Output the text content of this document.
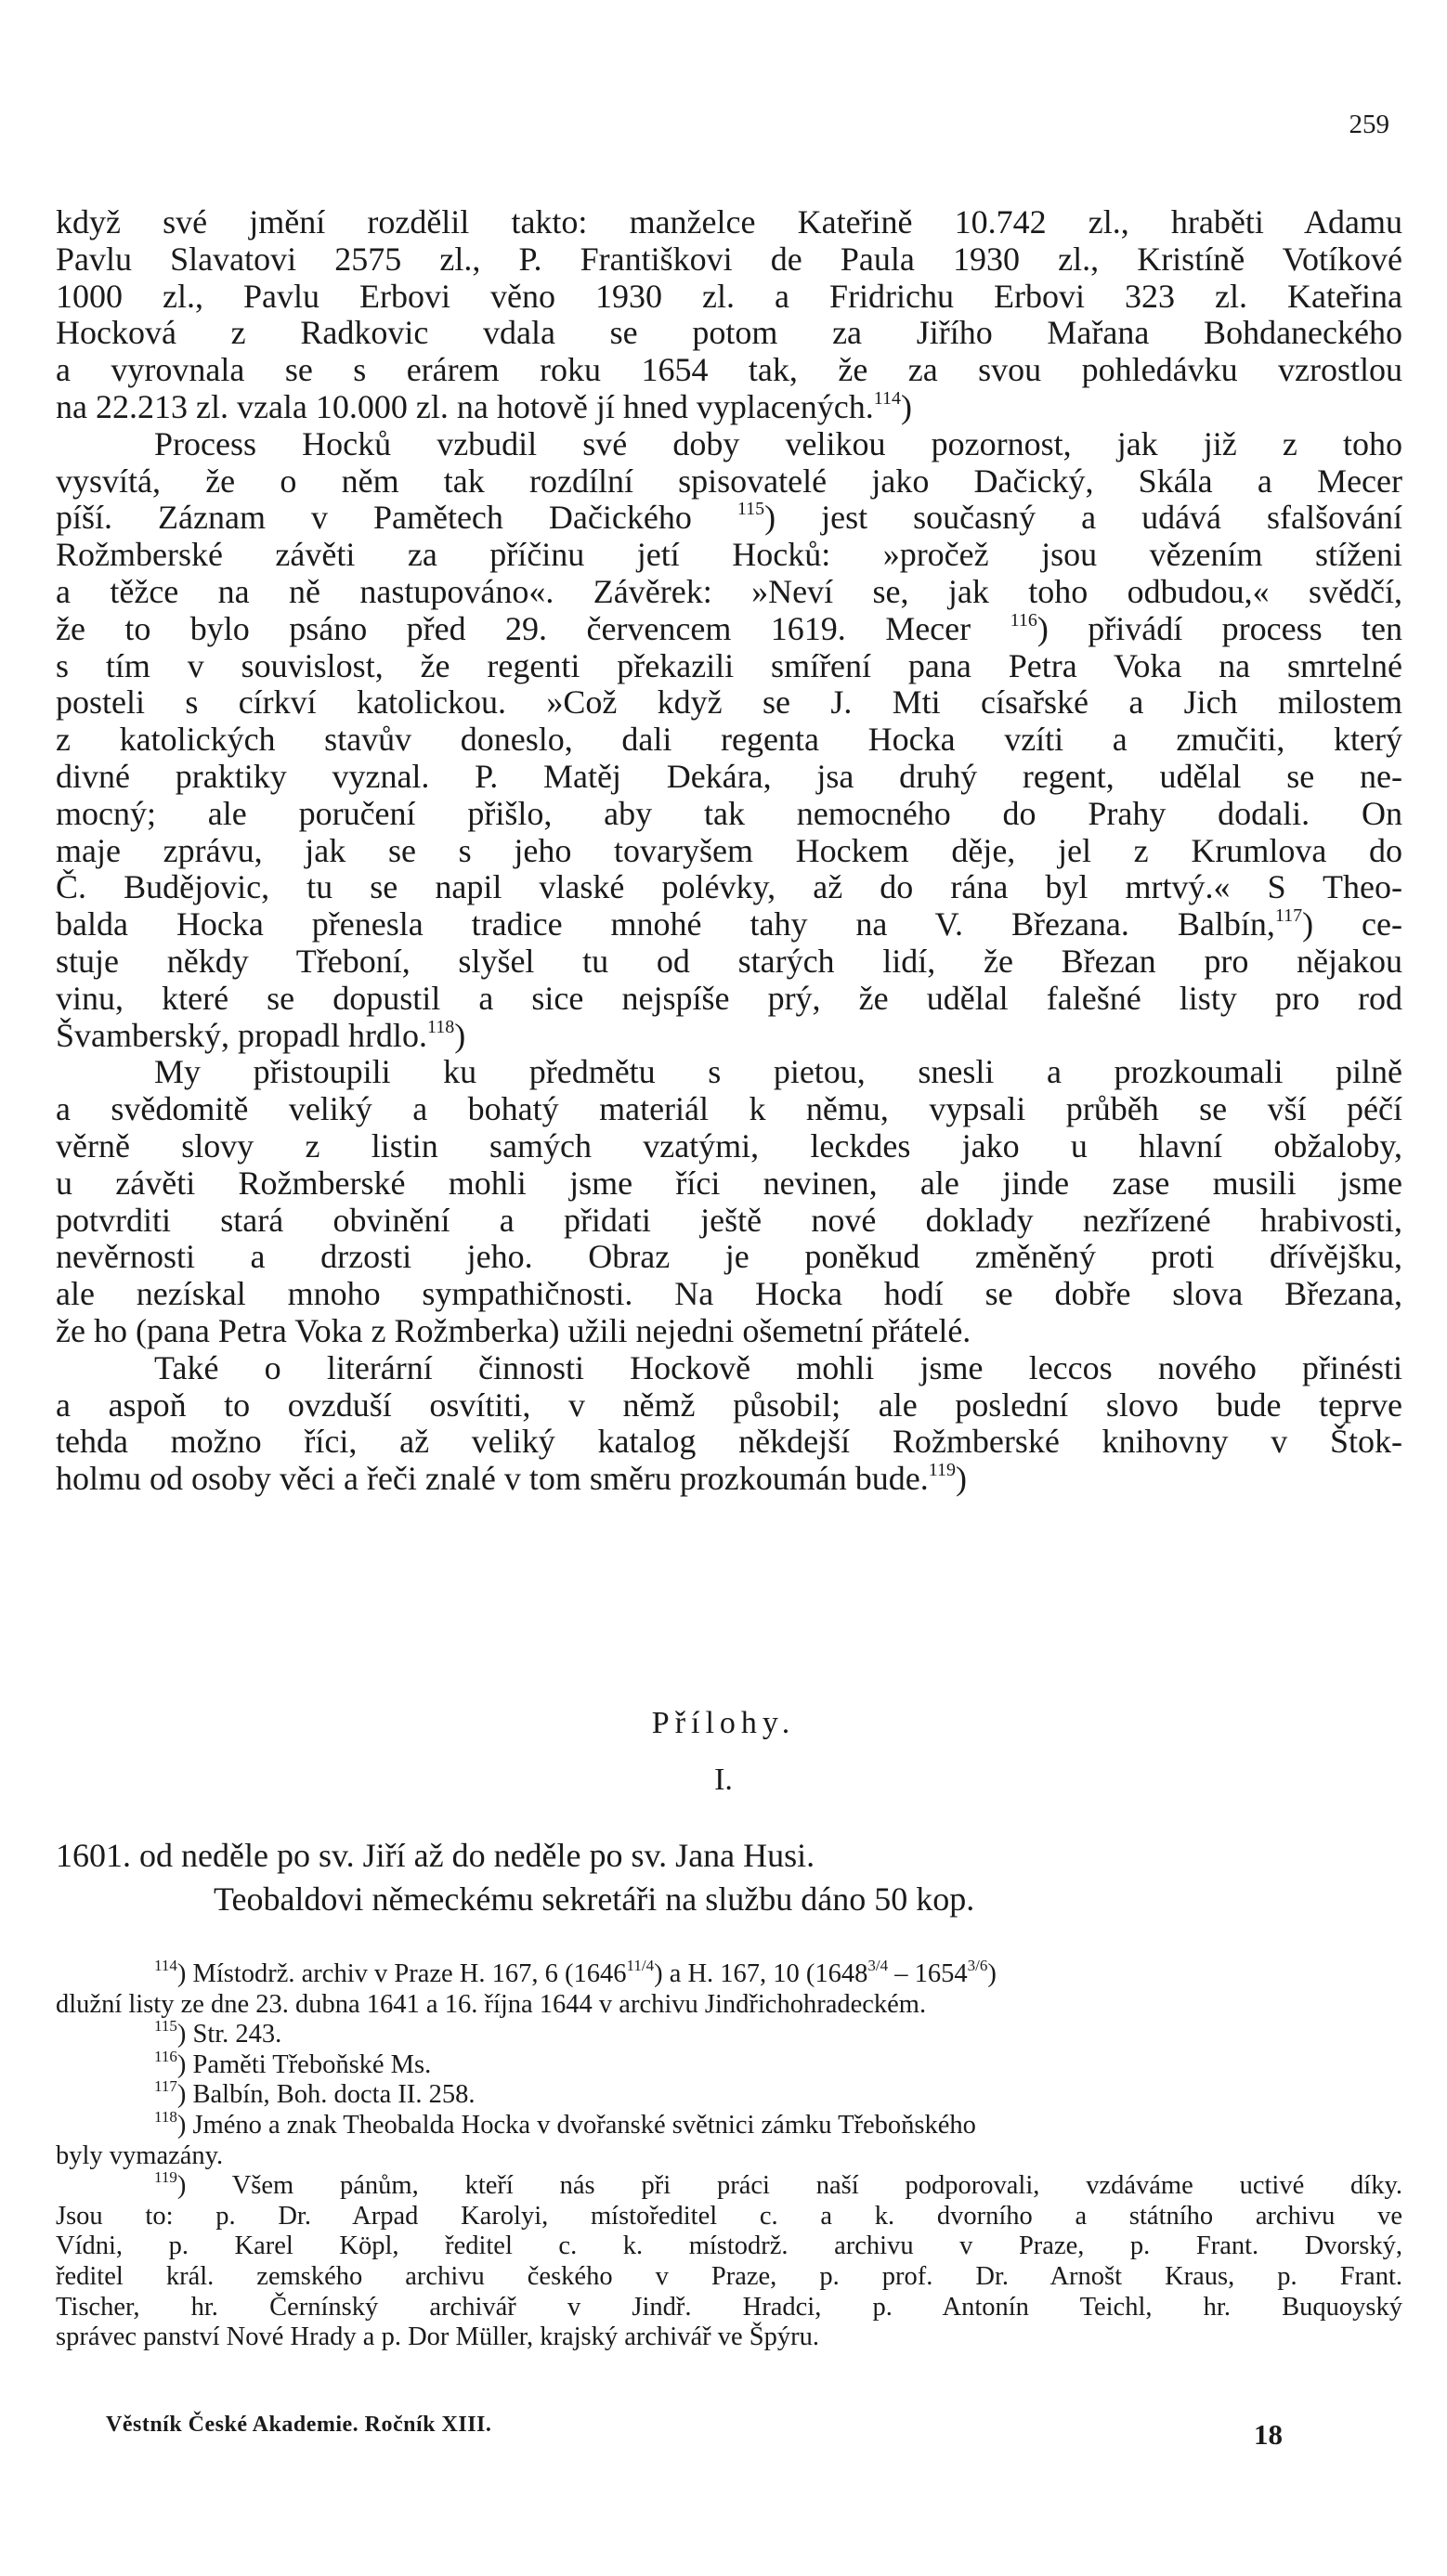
259

když své jmění rozdělil takto: manželce Kateřině 10.742 zl., hraběti Adamu
Pavlu Slavatovi 2575 zl., P. Františkovi de Paula 1930 zl., Kristíně Votíkové
1000 zl., Pavlu Erbovi věno 1930 zl. a Fridrichu Erbovi 323 zl. Kateřina
Hocková z Radkovic vdala se potom za Jiřího Mařana Bohdaneckého
a vyrovnala se s erárem roku 1654 tak, že za svou pohledávku vzrostlou
na 22.213 zl. vzala 10.000 zl. na hotově jí hned vyplacených.$^{114}$)

Process Hocků vzbudil své doby velikou pozornost, jak již z toho
vysvítá, že o něm tak rozdílní spisovatelé jako Dačický, Skála a Mecer
píší. Záznam v Pamětech Dačického $^{115}$) jest současný a udává sfalšování
Rožmberské závěti za příčinu jetí Hocků: »pročež jsou vězením stíženi
a těžce na ně nastupováno«. Závěrek: »Neví se, jak toho odbudou,« svědčí,
že to bylo psáno před 29. červencem 1619. Mecer $^{116}$) přivádí process ten
s tím v souvislost, že regenti překazili smíření pana Petra Voka na smrtelné
posteli s církví katolickou. »Což když se J. Mti císařské a Jich milostem
z katolických stavův doneslo, dali regenta Hocka vzíti a zmučiti, který
divné praktiky vyznal. P. Matěj Dekára, jsa druhý regent, udělal se ne-
mocný; ale poručení přišlo, aby tak nemocného do Prahy dodali. On
maje zprávu, jak se s jeho tovaryšem Hockem děje, jel z Krumlova do
Č. Budějovic, tu se napil vlaské polévky, až do rána byl mrtvý.« S Theo-
balda Hocka přenesla tradice mnohé tahy na V. Březana. Balbín,$^{117}$) ce-
stuje někdy Třeboní, slyšel tu od starých lidí, že Březan pro nějakou
vinu, které se dopustil a sice nejspíše prý, že udělal falešné listy pro rod
Švamberský, propadl hrdlo.$^{118}$)

My přistoupili ku předmětu s pietou, snesli a prozkoumali pilně
a svědomitě veliký a bohatý materiál k němu, vypsali průběh se vší péčí
věrně slovy z listin samých vzatými, leckdes jako u hlavní obžaloby,
u závěti Rožmberské mohli jsme říci nevinen, ale jinde zase musili jsme
potvrditi stará obvinění a přidati ještě nové doklady nezřízené hrabivosti,
nevěrnosti a drzosti jeho. Obraz je poněkud změněný proti dřívějšku,
ale nezískal mnoho sympathičnosti. Na Hocka hodí se dobře slova Březana,
že ho (pana Petra Voka z Rožmberka) užili nejedni ošemetní přátelé.

Také o literární činnosti Hockově mohli jsme leccos nového přinésti
a aspoň to ovzduší osvítiti, v němž působil; ale poslední slovo bude teprve
tehda možno říci, až veliký katalog někdejší Rožmberské knihovny v Štok-
holmu od osoby věci a řeči znalé v tom směru prozkoumán bude.$^{119}$)

Přílohy.
I.
1601. od neděle po sv. Jiří až do neděle po sv. Jana Husi.
Teobaldovi německému sekretáři na službu dáno 50 kop.
$^{114}$) Místodrž. archiv v Praze H. 167, 6 $(1646^{11/4})$ a H. 167, 10 $(1648^{3/4} - 1654^{3/6})$
dlužní listy ze dne 23. dubna 1641 a 16. října 1644 v archivu Jindřichohradeckém.
$^{115}$) Str. 243.
$^{116}$) Paměti Třeboňské Ms.
$^{117}$) Balbín, Boh. docta II. 258.
$^{118}$) Jméno a znak Theobalda Hocka v dvořanské světnici zámku Třeboňského
byly vymazány.
$^{119}$) Všem pánům, kteří nás při práci naší podporovali, vzdáváme uctivé díky.
Jsou to: p. Dr. Arpad Karolyi, místoředitel c. a k. dvorního a státního archivu ve
Vídni, p. Karel Köpl, ředitel c. k. místodrž. archivu v Praze, p. Frant. Dvorský,
ředitel král. zemského archivu českého v Praze, p. prof. Dr. Arnošt Kraus, p. Frant.
Tischer, hr. Černínský archivář v Jindř. Hradci, p. Antonín Teichl, hr. Buquoyský
správec panství Nové Hrady a p. Dor Müller, krajský archivář ve Špýru.
Věstník České Akademie. Ročník XIII.	18
